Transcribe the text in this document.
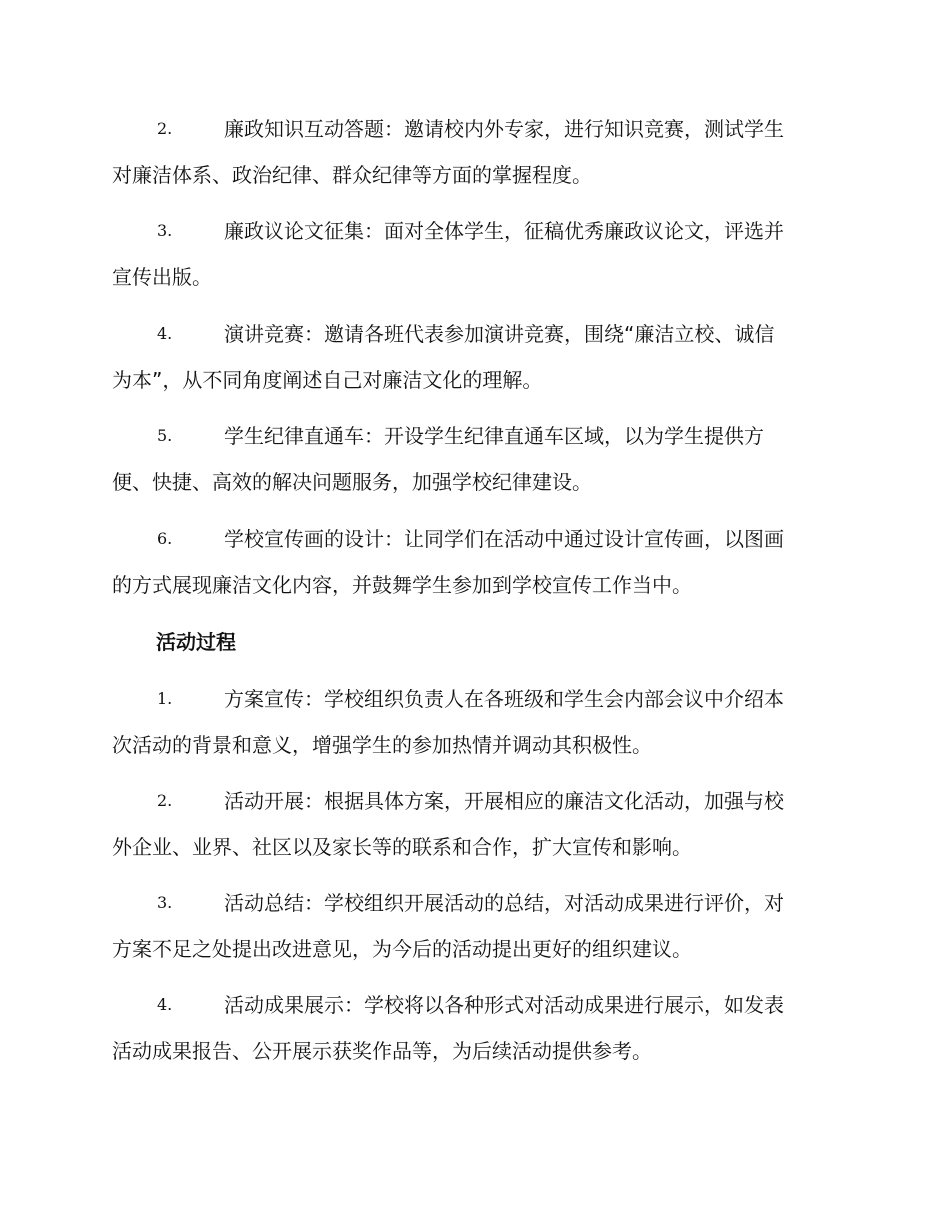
2.	廉政知识互动答题：邀请校内外专家，进行知识竞赛，测试学生
对廉洁体系、政治纪律、群众纪律等方面的掌握程度。
3.	廉政议论文征集：面对全体学生，征稿优秀廉政议论文，评选并
宣传出版。
4.	演讲竞赛：邀请各班代表参加演讲竞赛，围绕“廉洁立校、诚信
为本”，从不同角度阐述自己对廉洁文化的理解。
5.	学生纪律直通车：开设学生纪律直通车区域，以为学生提供方
便、快捷、高效的解决问题服务，加强学校纪律建设。
6.	学校宣传画的设计：让同学们在活动中通过设计宣传画，以图画
的方式展现廉洁文化内容，并鼓舞学生参加到学校宣传工作当中。
活动过程
1.	方案宣传：学校组织负责人在各班级和学生会内部会议中介绍本
次活动的背景和意义，增强学生的参加热情并调动其积极性。
2.	活动开展：根据具体方案，开展相应的廉洁文化活动，加强与校
外企业、业界、社区以及家长等的联系和合作，扩大宣传和影响。
3.	活动总结：学校组织开展活动的总结，对活动成果进行评价，对
方案不足之处提出改进意见，为今后的活动提出更好的组织建议。
4.	活动成果展示：学校将以各种形式对活动成果进行展示，如发表
活动成果报告、公开展示获奖作品等，为后续活动提供参考。
